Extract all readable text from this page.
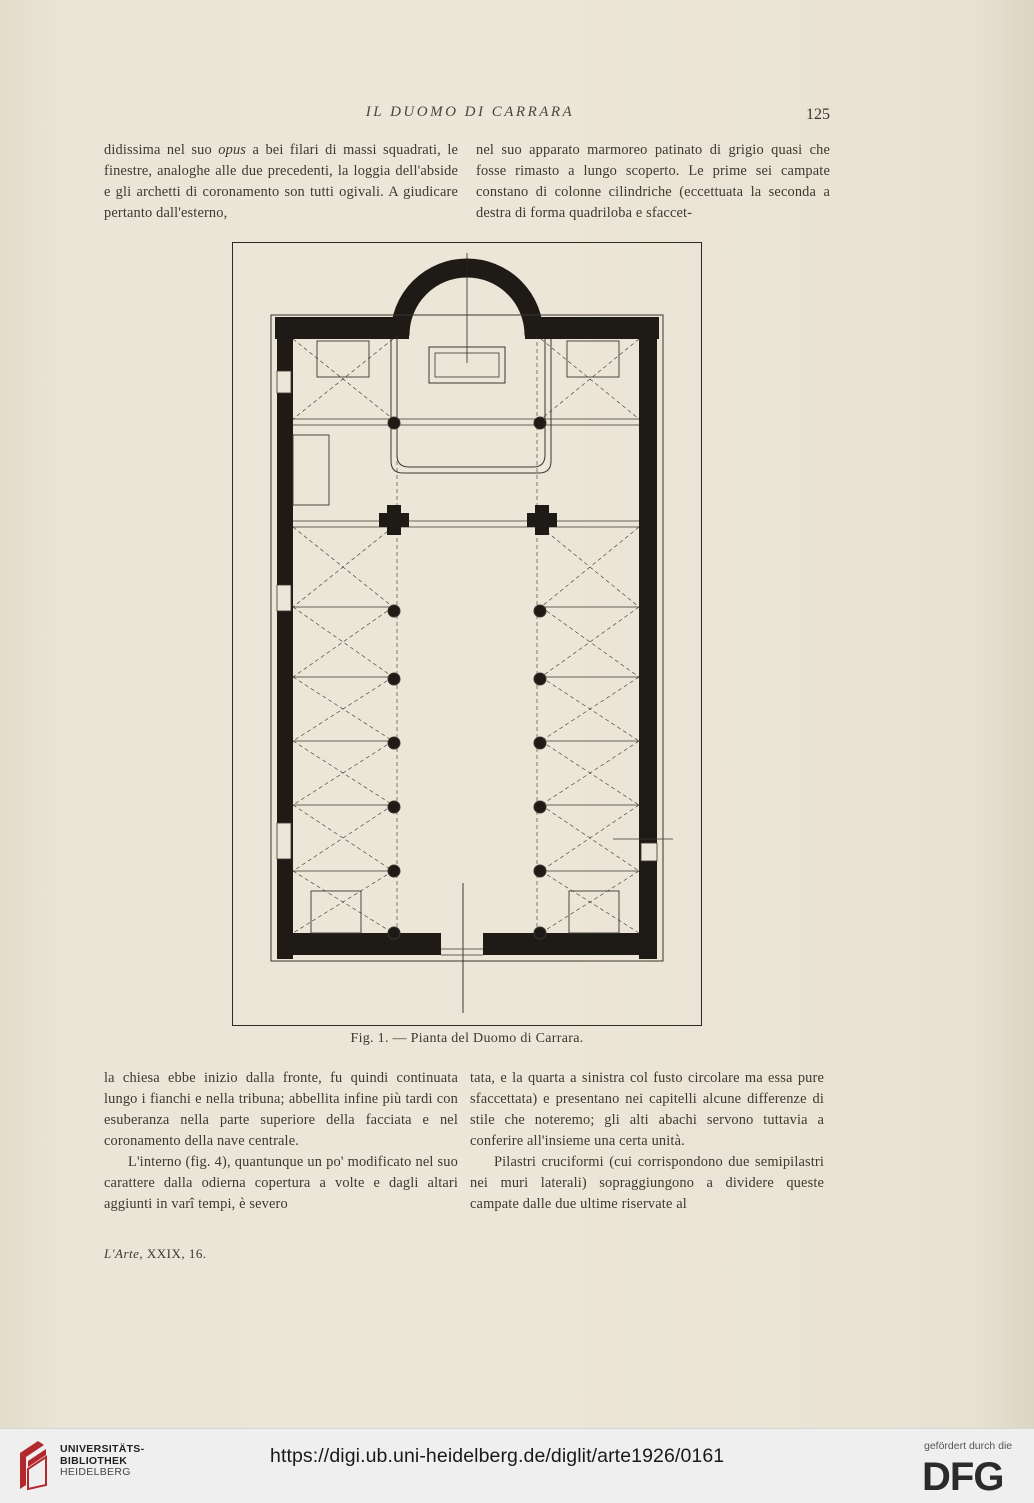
IL DUOMO DI CARRARA	125

didissima nel suo opus a bei filari di massi squadrati, le finestre, analoghe alle due precedenti, la loggia dell'abside e gli archetti di coronamento son tutti ogivali. A giudicare pertanto dall'esterno,

nel suo apparato marmoreo patinato di grigio quasi che fosse rimasto a lungo scoperto. Le prime sei campate constano di colonne cilindriche (eccettuata la seconda a destra di forma quadriloba e sfaccet-

Fig. 1. — Pianta del Duomo di Carrara.

la chiesa ebbe inizio dalla fronte, fu quindi continuata lungo i fianchi e nella tribuna; abbellita infine più tardi con esuberanza nella parte superiore della facciata e nel coronamento della nave centrale.

L'interno (fig. 4), quantunque un po' modificato nel suo carattere dalla odierna copertura a volte e dagli altari aggiunti in varî tempi, è severo

tata, e la quarta a sinistra col fusto circolare ma essa pure sfaccettata) e presentano nei capitelli alcune differenze di stile che noteremo; gli alti abachi servono tuttavia a conferire all'insieme una certa unità.

Pilastri cruciformi (cui corrispondono due semipilastri nei muri laterali) sopraggiungono a dividere queste campate dalle due ultime riservate al

L'Arte, XXIX, 16.
UNIVERSITÄTS-
BIBLIOTHEK
HEIDELBERG
https://digi.ub.uni-heidelberg.de/diglit/arte1926/0161	gefördert durch die
DFG
